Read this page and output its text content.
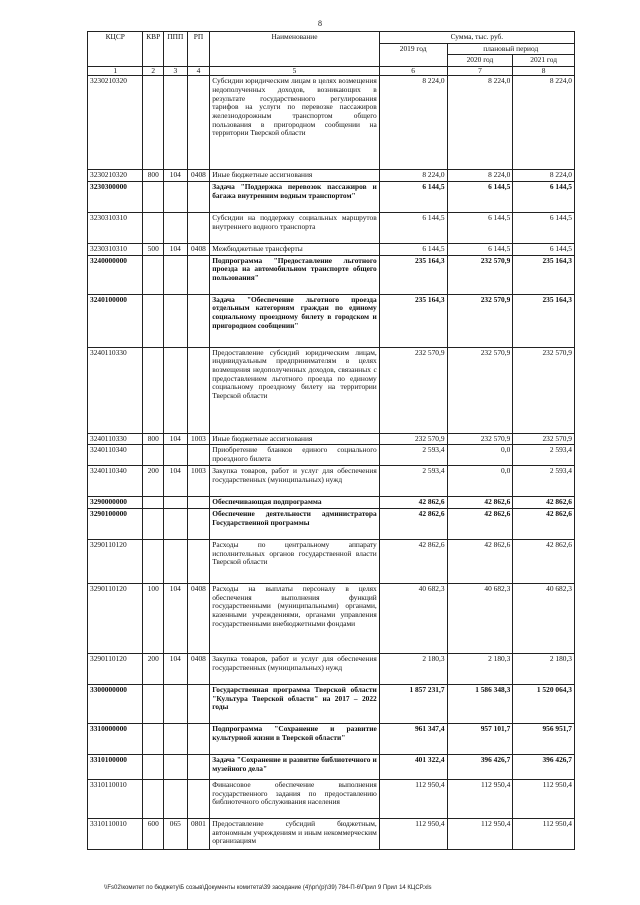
8
КЦСР	КВР	ППП	РП	Наименование	Сумма, тыс. руб.		
					2019 год	плановый период	
						2020 год	2021 год
1	2	3	4	5	6	7	8
3230210320				Субсидии юридическим лицам в целях возмещения недополученных доходов, возникающих в результате государственного регулирования тарифов на услуги по перевозке пассажиров железнодорожным транспортом общего пользования в пригородном сообщении на территории Тверской области	8 224,0	8 224,0	8 224,0
3230210320	800	104	0408	Иные бюджетные ассигнования	8 224,0	8 224,0	8 224,0
3230300000				Задача "Поддержка перевозок пассажиров и багажа внутренним водным транспортом"	6 144,5	6 144,5	6 144,5
3230310310				Субсидии на поддержку социальных маршрутов внутреннего водного транспорта	6 144,5	6 144,5	6 144,5
3230310310	500	104	0408	Межбюджетные трансферты	6 144,5	6 144,5	6 144,5
3240000000				Подпрограмма "Предоставление льготного проезда на автомобильном транспорте общего пользования"	235 164,3	232 570,9	235 164,3
3240100000				Задача "Обеспечение льготного проезда отдельным категориям граждан по единому социальному проездному билету в городском и пригородном сообщении"	235 164,3	232 570,9	235 164,3
3240110330				Предоставление субсидий юридическим лицам, индивидуальным предпринимателям в целях возмещения недополученных доходов, связанных с предоставлением льготного проезда по единому социальному проездному билету на территории Тверской области	232 570,9	232 570,9	232 570,9
3240110330	800	104	1003	Иные бюджетные ассигнования	232 570,9	232 570,9	232 570,9
3240110340				Приобретение бланков единого социального проездного билета	2 593,4	0,0	2 593,4
3240110340	200	104	1003	Закупка товаров, работ и услуг для обеспечения государственных (муниципальных) нужд	2 593,4	0,0	2 593,4
3290000000				Обеспечивающая подпрограмма	42 862,6	42 862,6	42 862,6
3290100000				Обеспечение деятельности администратора Государственной программы	42 862,6	42 862,6	42 862,6
3290110120				Расходы по центральному аппарату исполнительных органов государственной власти Тверской области	42 862,6	42 862,6	42 862,6
3290110120	100	104	0408	Расходы на выплаты персоналу в целях обеспечения выполнения функций государственными (муниципальными) органами, казенными учреждениями, органами управления государственными внебюджетными фондами	40 682,3	40 682,3	40 682,3
3290110120	200	104	0408	Закупка товаров, работ и услуг для обеспечения государственных (муниципальных) нужд	2 180,3	2 180,3	2 180,3
3300000000				Государственная программа Тверской области "Культура Тверской области" на 2017 – 2022 годы	1 857 231,7	1 586 348,3	1 520 064,3
3310000000				Подпрограмма "Сохранение и развитие культурной жизни в Тверской области"	961 347,4	957 101,7	956 951,7
3310100000				Задача "Сохранение и развитие библиотечного и музейного дела"	401 322,4	396 426,7	396 426,7
3310110010				Финансовое обеспечение выполнения государственного задания по предоставлению библиотечного обслуживания населения	112 950,4	112 950,4	112 950,4
3310110010	600	065	0801	Предоставление субсидий бюджетным, автономным учреждениям и иным некоммерческим организациям	112 950,4	112 950,4	112 950,4
\\Fs02\комитет по бюджету\Б созыв\Документы комитета\39 заседание (4)\рг\(р)\39) 784-П-6\Прил 9 Прил 14 КЦСР.xls
